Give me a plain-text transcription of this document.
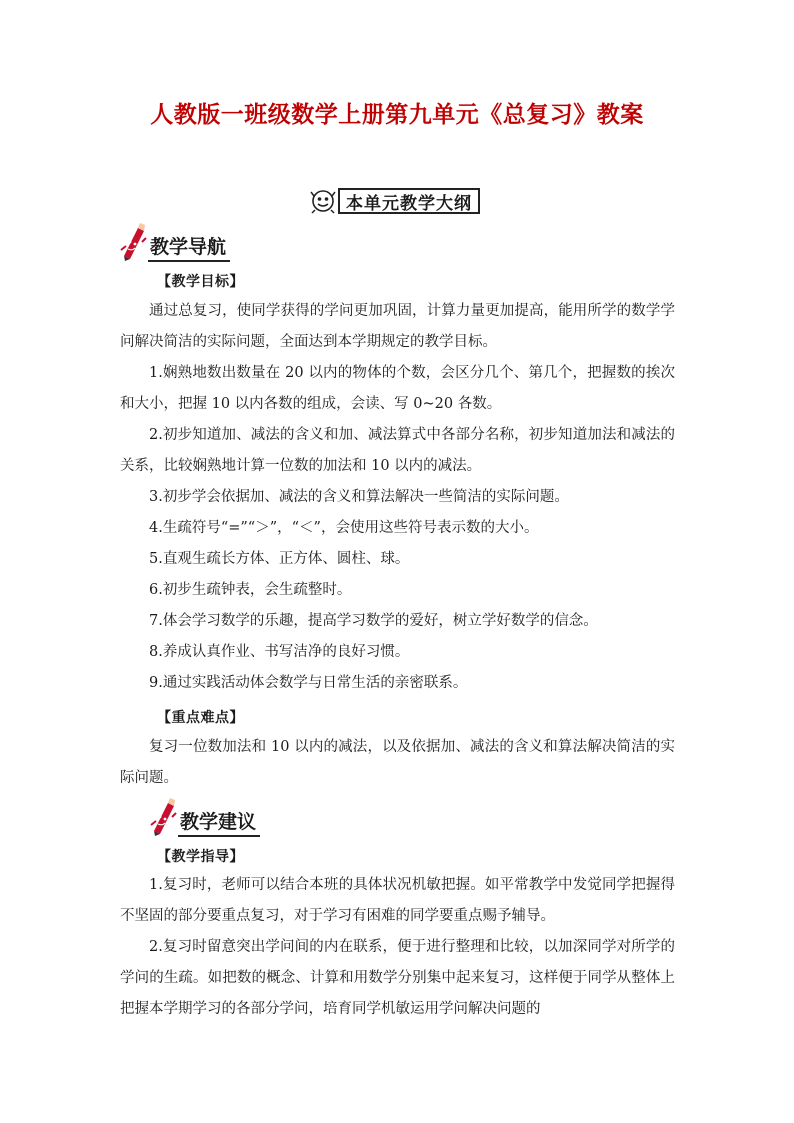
人教版一班级数学上册第九单元《总复习》教案
本单元教学大纲
教学导航
【教学目标】
通过总复习，使同学获得的学问更加巩固，计算力量更加提高，能用所学的数学学问解决简洁的实际问题，全面达到本学期规定的教学目标。
1.娴熟地数出数量在 20 以内的物体的个数，会区分几个、第几个，把握数的挨次和大小，把握 10 以内各数的组成，会读、写 0~20 各数。
2.初步知道加、减法的含义和加、减法算式中各部分名称，初步知道加法和减法的关系，比较娴熟地计算一位数的加法和 10 以内的减法。
3.初步学会依据加、减法的含义和算法解决一些简洁的实际问题。
4.生疏符号“=”“＞”，“＜”，会使用这些符号表示数的大小。
5.直观生疏长方体、正方体、圆柱、球。
6.初步生疏钟表，会生疏整时。
7.体会学习数学的乐趣，提高学习数学的爱好，树立学好数学的信念。
8.养成认真作业、书写洁净的良好习惯。
9.通过实践活动体会数学与日常生活的亲密联系。
【重点难点】
复习一位数加法和 10 以内的减法，以及依据加、减法的含义和算法解决简洁的实际问题。
教学建议
【教学指导】
1.复习时，老师可以结合本班的具体状况机敏把握。如平常教学中发觉同学把握得不坚固的部分要重点复习，对于学习有困难的同学要重点赐予辅导。
2.复习时留意突出学问间的内在联系，便于进行整理和比较，以加深同学对所学的学问的生疏。如把数的概念、计算和用数学分别集中起来复习，这样便于同学从整体上把握本学期学习的各部分学问，培育同学机敏运用学问解决问题的
